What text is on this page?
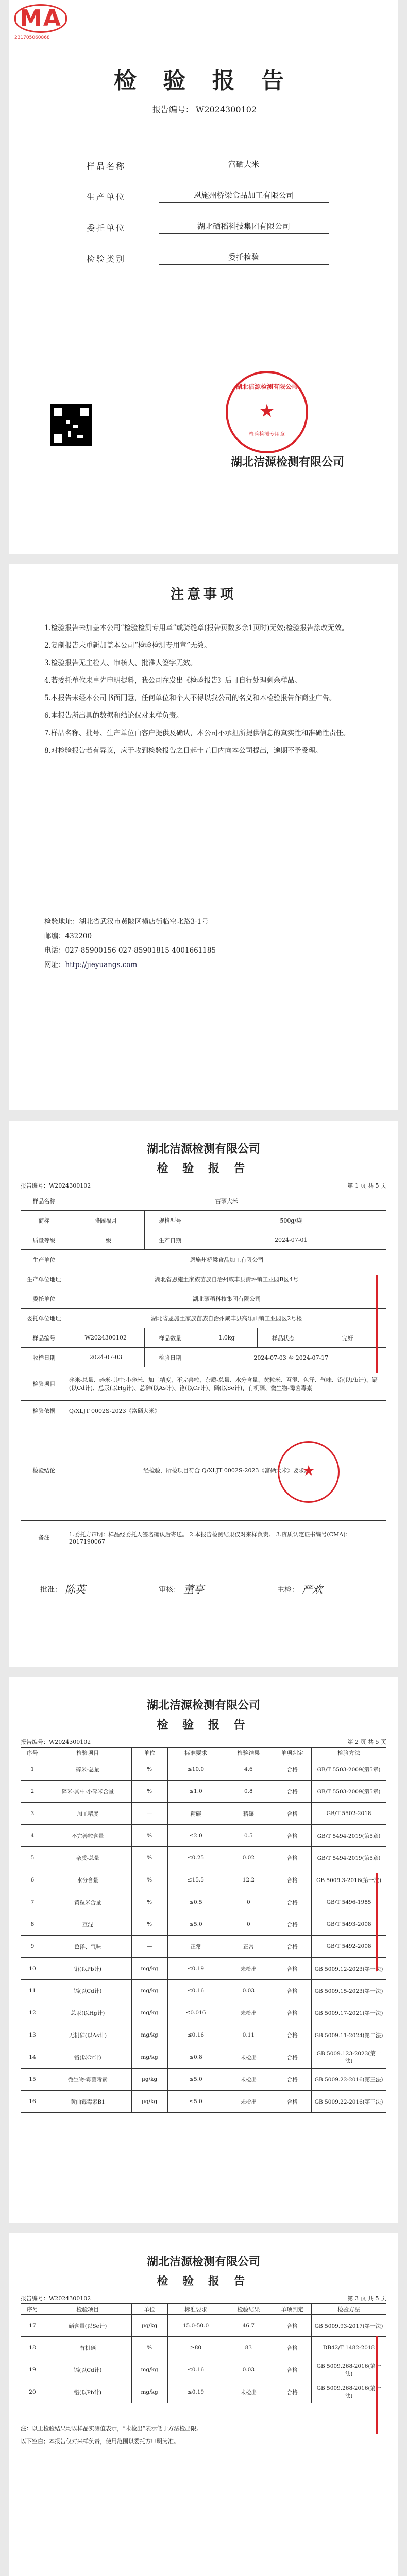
MA
231705060868
检 验 报 告
报告编号： W2024300102
样品名称	富硒大米
生产单位	恩施州桥梁食品加工有限公司
委托单位	湖北硒稻科技集团有限公司
检验类别	委托检验
★
湖北洁源检测有限公司
检验检测专用章
湖北洁源检测有限公司
注意事项

1.检验报告未加盖本公司“检验检测专用章”或骑缝章(报告页数多余1页时)无效;检验报告涂改无效。

2.复制报告未重新加盖本公司“检验检测专用章”无效。

3.检验报告无主检人、审核人、批准人签字无效。

4.若委托单位未事先申明提料，我公司在发出《检验报告》后可自行处理剩余样品。

5.本报告未经本公司书面同意，任何单位和个人不得以我公司的名义和本检验报告作商业广告。

6.本报告所出具的数据和结论仅对来样负责。

7.样品名称、批号、生产单位由客户提供及确认，本公司不承担所提供信息的真实性和准确性责任。

8.对检验报告若有异议，应于收到检验报告之日起十五日内向本公司提出，逾期不予受理。

检验地址：湖北省武汉市黄陂区横店街临空北路3-1号
邮编：432200
电话：027-85900156 027-85901815 4001661185
网址：http://jieyuangs.com
湖北洁源检测有限公司
检 验 报 告
报告编号：W2024300102	第 1 页 共 5 页
样品名称	富硒大米				
商标	隆阔福月	规格型号	500g/袋		
质量等级	一级	生产日期	2024-07-01		
生产单位	恩施州桥梁食品加工有限公司				
生产单位地址	湖北省恩施土家族苗族自治州咸丰县清坪镇工业园B区4号				
委托单位	湖北硒稻科技集团有限公司				
委托单位地址	湖北省恩施土家族苗族自治州咸丰县高乐山镇工业园区2号楼				
样品编号	W2024300102	样品数量	1.0kg	样品状态	完好
收样日期	2024-07-03	检验日期	2024-07-03 至 2024-07-17		
检验项目	碎米-总量、碎米-其中:小碎米、加工精度、不完善粒、杂质-总量、水分含量、黄粒米、互混、色泽、气味、铅(以Pb计)、镉(以Cd计)、总汞(以Hg计)、总砷(以As计)、铬(以Cr计)、硒(以Se计)、有机硒、微生物-霉菌毒素				
检验依据	Q/XLJT 0002S-2023《富硒大米》				
检验结论	经检验，所检项目符合 Q/XLJT 0002S-2023《富硒大米》要求。
★				

备注	1.委托方声明：样品经委托人签名确认后寄送。 2.本报告检测结果仅对来样负责。 3.资质认定证书编号(CMA)：2017190067				
批准： 陈英	审核： 董亭	主检： 严欢
湖北洁源检测有限公司
检 验 报 告
报告编号：W2024300102	第 2 页 共 5 页
序号	检验项目	单位	标准要求	检验结果	单项判定	检验方法
1	碎米-总量	%	≤10.0	4.6	合格	GB/T 5503-2009(第5章)
2	碎米-其中:小碎米含量	%	≤1.0	0.8	合格	GB/T 5503-2009(第5章)
3	加工精度	—	精碾	精碾	合格	GB/T 5502-2018
4	不完善粒含量	%	≤2.0	0.5	合格	GB/T 5494-2019(第5章)
5	杂质-总量	%	≤0.25	0.02	合格	GB/T 5494-2019(第5章)
6	水分含量	%	≤15.5	12.2	合格	GB 5009.3-2016(第一法)
7	黄粒米含量	%	≤0.5	0	合格	GB/T 5496-1985
8	互混	%	≤5.0	0	合格	GB/T 5493-2008
9	色泽、气味	—	正常	正常	合格	GB/T 5492-2008
10	铅(以Pb计)	mg/kg	≤0.19	未检出	合格	GB 5009.12-2023(第一法)
11	镉(以Cd计)	mg/kg	≤0.16	0.03	合格	GB 5009.15-2023(第一法)
12	总汞(以Hg计)	mg/kg	≤0.016	未检出	合格	GB 5009.17-2021(第一法)
13	无机砷(以As计)	mg/kg	≤0.16	0.11	合格	GB 5009.11-2024(第二法)
14	铬(以Cr计)	mg/kg	≤0.8	未检出	合格	GB 5009.123-2023(第一法)
15	微生物-霉菌毒素	μg/kg	≤5.0	未检出	合格	GB 5009.22-2016(第三法)
16	黄曲霉毒素B1	μg/kg	≤5.0	未检出	合格	GB 5009.22-2016(第三法)
湖北洁源检测有限公司
检 验 报 告
报告编号：W2024300102	第 3 页 共 5 页
序号	检验项目	单位	标准要求	检验结果	单项判定	检验方法
17	硒含量(以Se计)	μg/kg	15.0-50.0	46.7	合格	GB 5009.93-2017(第一法)
18	有机硒	%	≥80	83	合格	DB42/T 1482-2018
19	镉(以Cd计)	mg/kg	≤0.16	0.03	合格	GB 5009.268-2016(第一法)
20	铅(以Pb计)	mg/kg	≤0.19	未检出	合格	GB 5009.268-2016(第一法)
注：以上检验结果均以样品实测值表示，“未检出”表示低于方法检出限。
以下空白；本报告仅对来样负责，使用范围以委托方申明为准。
